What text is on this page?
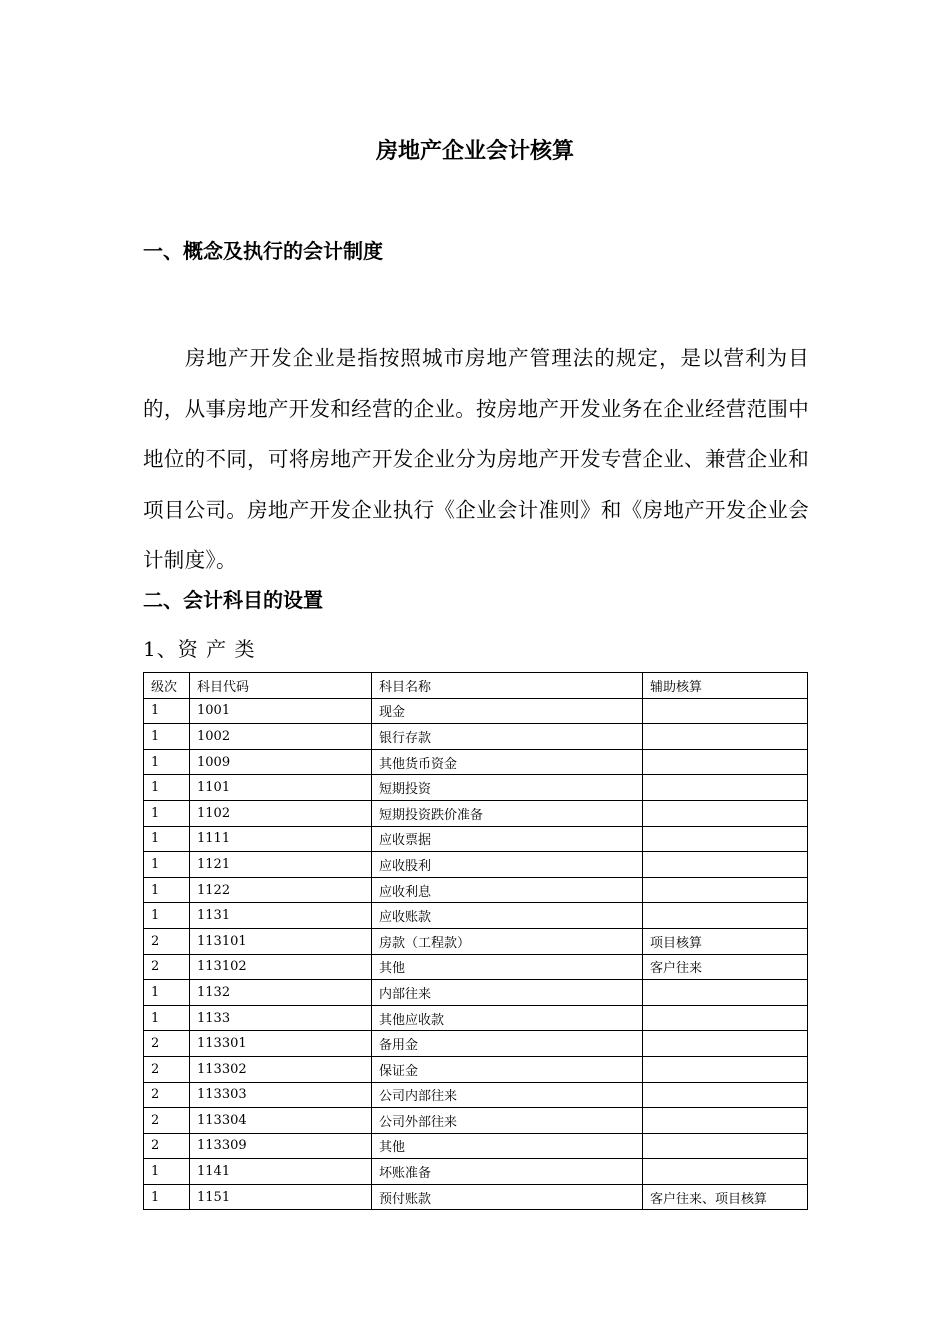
房地产企业会计核算
一、概念及执行的会计制度
房地产开发企业是指按照城市房地产管理法的规定，是以营利为目的，从事房地产开发和经营的企业。按房地产开发业务在企业经营范围中地位的不同，可将房地产开发企业分为房地产开发专营企业、兼营企业和项目公司。房地产开发企业执行《企业会计准则》和《房地产开发企业会计制度》。
二、会计科目的设置
1、资 产 类
级次	科目代码	科目名称	辅助核算
1	1001	现金	
1	1002	银行存款	
1	1009	其他货币资金	
1	1101	短期投资	
1	1102	短期投资跌价准备	
1	1111	应收票据	
1	1121	应收股利	
1	1122	应收利息	
1	1131	应收账款	
2	113101	房款（工程款）	项目核算
2	113102	其他	客户往来
1	1132	内部往来	
1	1133	其他应收款	
2	113301	备用金	
2	113302	保证金	
2	113303	公司内部往来	
2	113304	公司外部往来	
2	113309	其他	
1	1141	坏账准备	
1	1151	预付账款	客户往来、项目核算
